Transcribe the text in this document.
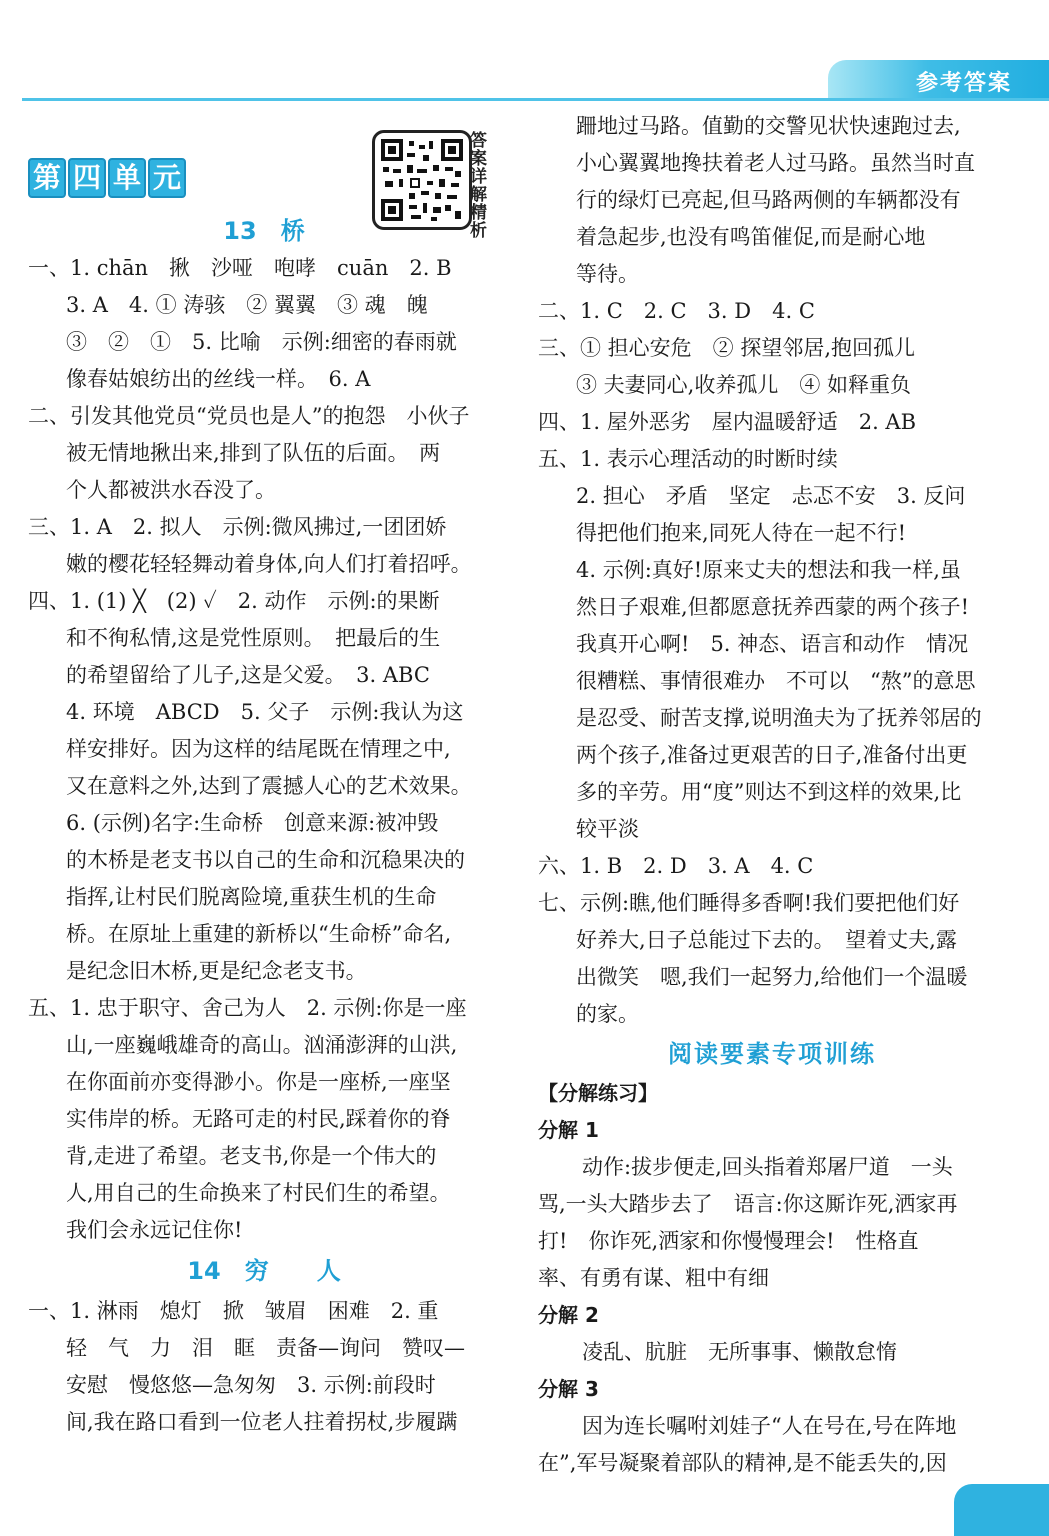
参考答案
第 四 单 元
答
案
详
解
精
析
13　桥
一、1. chān　揪　沙哑　咆哮　cuān　2. B
3. A　4. ① 涛骇　② 翼翼　③ 魂　魄
③　②　①　5. 比喻　示例:细密的春雨就
像春姑娘纺出的丝线一样。　6. A
二、引发其他党员“党员也是人”的抱怨　小伙子
被无情地揪出来,排到了队伍的后面。　两
个人都被洪水吞没了。
三、1. A　2. 拟人　示例:微风拂过,一团团娇
嫩的樱花轻轻舞动着身体,向人们打着招呼。
四、1. (1) ╳　(2) ✓　2. 动作　示例:的果断
和不徇私情,这是党性原则。　把最后的生
的希望留给了儿子,这是父爱。　3. ABC
4. 环境　ABCD　5. 父子　示例:我认为这
样安排好。因为这样的结尾既在情理之中,
又在意料之外,达到了震撼人心的艺术效果。
6. (示例)名字:生命桥　创意来源:被冲毁
的木桥是老支书以自己的生命和沉稳果决的
指挥,让村民们脱离险境,重获生机的生命
桥。在原址上重建的新桥以“生命桥”命名,
是纪念旧木桥,更是纪念老支书。
五、1. 忠于职守、舍己为人　2. 示例:你是一座
山,一座巍峨雄奇的高山。汹涌澎湃的山洪,
在你面前亦变得渺小。你是一座桥,一座坚
实伟岸的桥。无路可走的村民,踩着你的脊
背,走进了希望。老支书,你是一个伟大的
人,用自己的生命换来了村民们生的希望。
我们会永远记住你!
14　穷　　人
一、1. 淋雨　熄灯　掀　皱眉　困难　2. 重
轻　气　力　泪　眶　责备—询问　赞叹—
安慰　慢悠悠—急匆匆　3. 示例:前段时
间,我在路口看到一位老人拄着拐杖,步履蹒
跚地过马路。值勤的交警见状快速跑过去,
小心翼翼地搀扶着老人过马路。虽然当时直
行的绿灯已亮起,但马路两侧的车辆都没有
着急起步,也没有鸣笛催促,而是耐心地
等待。
二、1. C　2. C　3. D　4. C
三、① 担心安危　② 探望邻居,抱回孤儿
③ 夫妻同心,收养孤儿　④ 如释重负
四、1. 屋外恶劣　屋内温暖舒适　2. AB
五、1. 表示心理活动的时断时续
2. 担心　矛盾　坚定　忐忑不安　3. 反问
得把他们抱来,同死人待在一起不行!
4. 示例:真好!原来丈夫的想法和我一样,虽
然日子艰难,但都愿意抚养西蒙的两个孩子!
我真开心啊!　5. 神态、语言和动作　情况
很糟糕、事情很难办　不可以　“熬”的意思
是忍受、耐苦支撑,说明渔夫为了抚养邻居的
两个孩子,准备过更艰苦的日子,准备付出更
多的辛劳。用“度”则达不到这样的效果,比
较平淡
六、1. B　2. D　3. A　4. C
七、示例:瞧,他们睡得多香啊!我们要把他们好
好养大,日子总能过下去的。　望着丈夫,露
出微笑　嗯,我们一起努力,给他们一个温暖
的家。
阅读要素专项训练
【分解练习】
分解 1
动作:拔步便走,回头指着郑屠尸道　一头
骂,一头大踏步去了　语言:你这厮诈死,洒家再
打!　你诈死,洒家和你慢慢理会!　性格直
率、有勇有谋、粗中有细
分解 2
凌乱、肮脏　无所事事、懒散怠惰
分解 3
因为连长嘱咐刘娃子“人在号在,号在阵地
在”,军号凝聚着部队的精神,是不能丢失的,因
